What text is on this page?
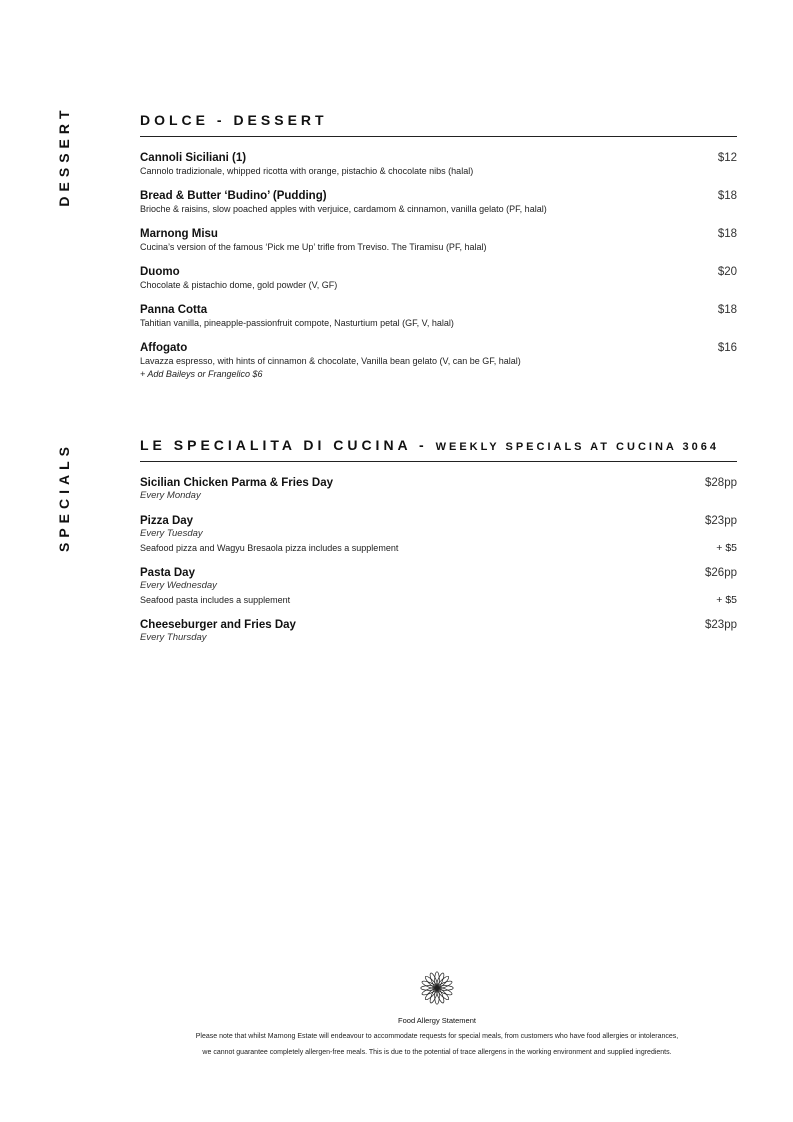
DESSERT
SPECIALS
DOLCE - DESSERT
Cannoli Siciliani (1)	$12
Cannolo tradizionale, whipped ricotta with orange, pistachio & chocolate nibs (halal)
Bread & Butter ‘Budino’ (Pudding)	$18
Brioche & raisins, slow poached apples with verjuice, cardamom & cinnamon, vanilla gelato (PF, halal)
Marnong Misu	$18
Cucina’s version of the famous ‘Pick me Up’ trifle from Treviso. The Tiramisu (PF, halal)
Duomo	$20
Chocolate & pistachio dome, gold powder (V, GF)
Panna Cotta	$18
Tahitian vanilla, pineapple-passionfruit compote, Nasturtium petal (GF, V, halal)
Affogato	$16
Lavazza espresso, with hints of cinnamon & chocolate, Vanilla bean gelato (V, can be GF, halal)
+ Add Baileys or Frangelico $6
LE SPECIALITA DI CUCINA - WEEKLY SPECIALS AT CUCINA 3064
Sicilian Chicken Parma & Fries Day	$28pp
Every Monday
Pizza Day	$23pp
Every Tuesday
Seafood pizza and Wagyu Bresaola pizza includes a supplement	+ $5
Pasta Day	$26pp
Every Wednesday
Seafood pasta includes a supplement	+ $5
Cheeseburger and Fries Day	$23pp
Every Thursday
Food Allergy Statement
Please note that whilst Marnong Estate will endeavour to accommodate requests for special meals, from customers who have food allergies or intolerances,
we cannot guarantee completely allergen-free meals. This is due to the potential of trace allergens in the working environment and supplied ingredients.
